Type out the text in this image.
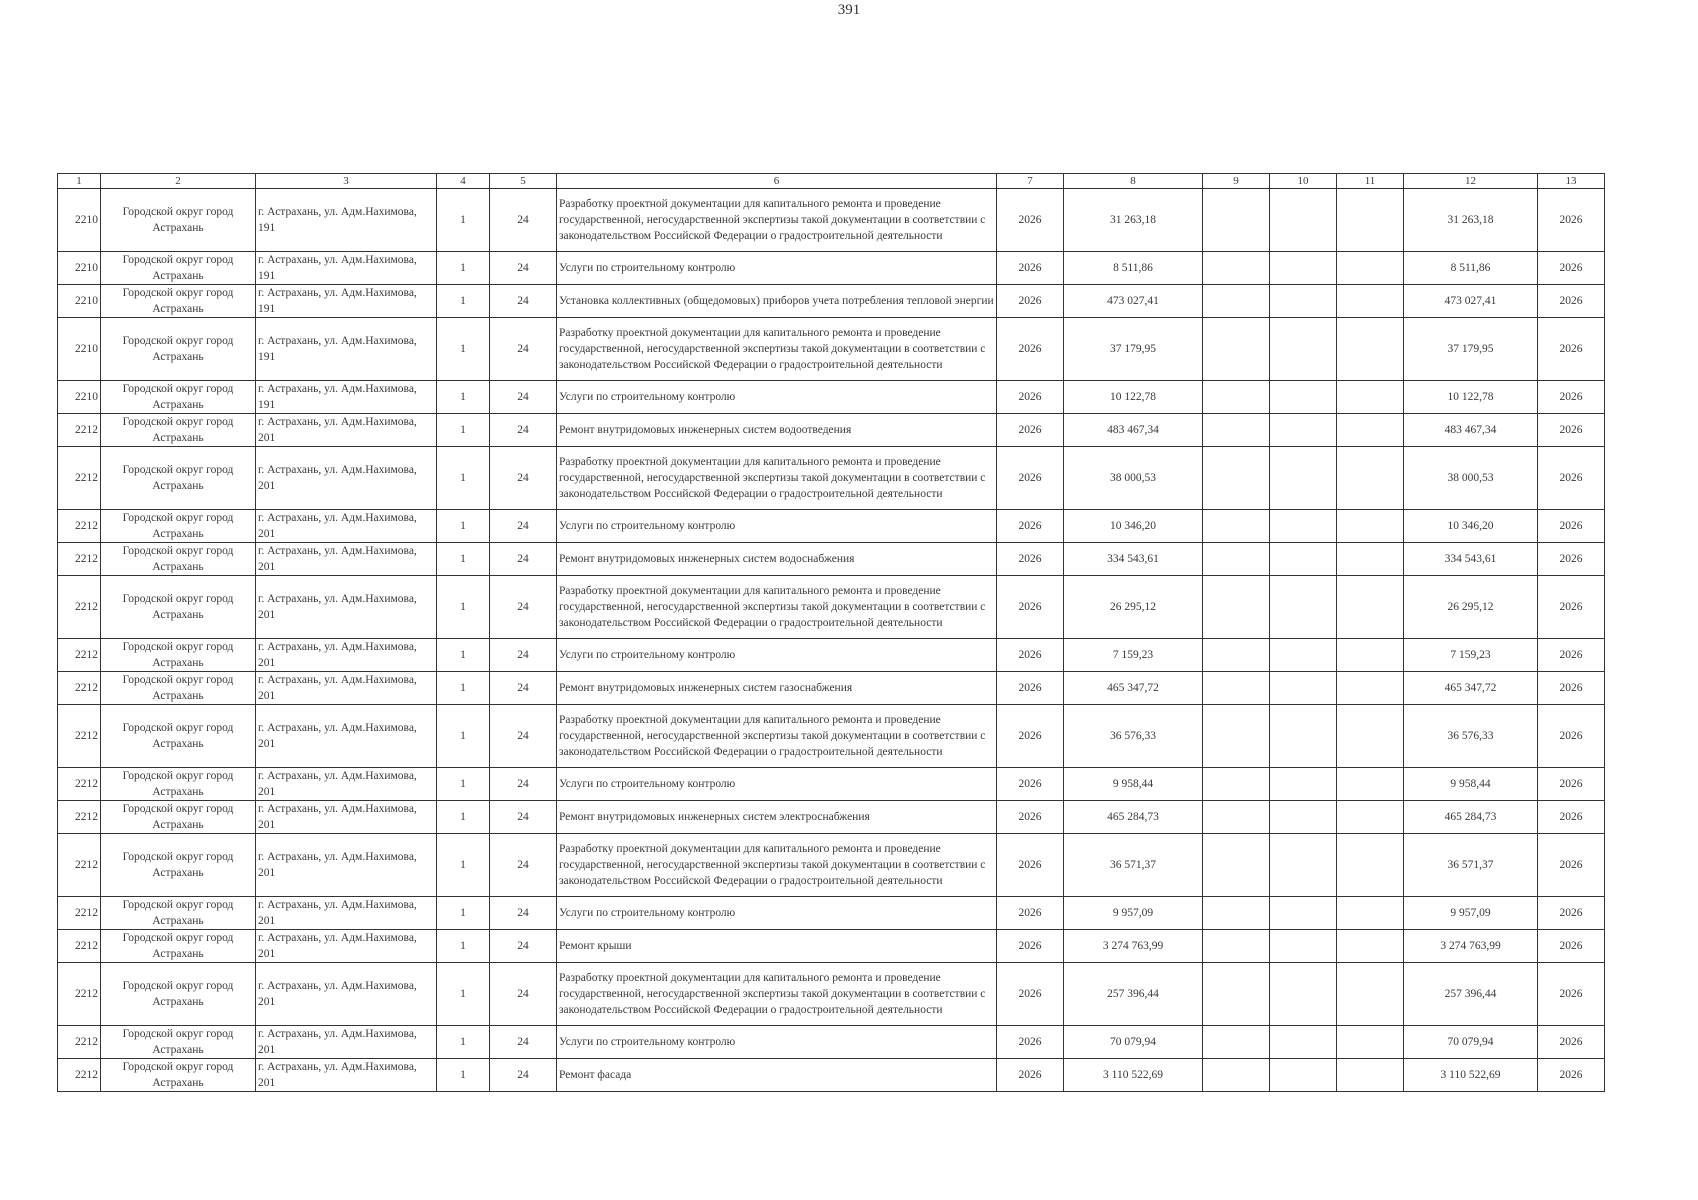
391
1	2	3	4	5	6	7	8	9	10	11	12	13
2210	Городской округ город Астрахань	г. Астрахань, ул. Адм.Нахимова, 191	1	24	Разработку проектной документации для капитального ремонта и проведение государственной, негосударственной экспертизы такой документации в соответствии с законодательством Российской Федерации о градостроительной деятельности	2026	31 263,18				31 263,18	2026
2210	Городской округ город Астрахань	г. Астрахань, ул. Адм.Нахимова, 191	1	24	Услуги по строительному контролю	2026	8 511,86				8 511,86	2026
2210	Городской округ город Астрахань	г. Астрахань, ул. Адм.Нахимова, 191	1	24	Установка коллективных (общедомовых) приборов учета потребления тепловой энергии	2026	473 027,41				473 027,41	2026
2210	Городской округ город Астрахань	г. Астрахань, ул. Адм.Нахимова, 191	1	24	Разработку проектной документации для капитального ремонта и проведение государственной, негосударственной экспертизы такой документации в соответствии с законодательством Российской Федерации о градостроительной деятельности	2026	37 179,95				37 179,95	2026
2210	Городской округ город Астрахань	г. Астрахань, ул. Адм.Нахимова, 191	1	24	Услуги по строительному контролю	2026	10 122,78				10 122,78	2026
2212	Городской округ город Астрахань	г. Астрахань, ул. Адм.Нахимова, 201	1	24	Ремонт внутридомовых инженерных систем водоотведения	2026	483 467,34				483 467,34	2026
2212	Городской округ город Астрахань	г. Астрахань, ул. Адм.Нахимова, 201	1	24	Разработку проектной документации для капитального ремонта и проведение государственной, негосударственной экспертизы такой документации в соответствии с законодательством Российской Федерации о градостроительной деятельности	2026	38 000,53				38 000,53	2026
2212	Городской округ город Астрахань	г. Астрахань, ул. Адм.Нахимова, 201	1	24	Услуги по строительному контролю	2026	10 346,20				10 346,20	2026
2212	Городской округ город Астрахань	г. Астрахань, ул. Адм.Нахимова, 201	1	24	Ремонт внутридомовых инженерных систем водоснабжения	2026	334 543,61				334 543,61	2026
2212	Городской округ город Астрахань	г. Астрахань, ул. Адм.Нахимова, 201	1	24	Разработку проектной документации для капитального ремонта и проведение государственной, негосударственной экспертизы такой документации в соответствии с законодательством Российской Федерации о градостроительной деятельности	2026	26 295,12				26 295,12	2026
2212	Городской округ город Астрахань	г. Астрахань, ул. Адм.Нахимова, 201	1	24	Услуги по строительному контролю	2026	7 159,23				7 159,23	2026
2212	Городской округ город Астрахань	г. Астрахань, ул. Адм.Нахимова, 201	1	24	Ремонт внутридомовых инженерных систем газоснабжения	2026	465 347,72				465 347,72	2026
2212	Городской округ город Астрахань	г. Астрахань, ул. Адм.Нахимова, 201	1	24	Разработку проектной документации для капитального ремонта и проведение государственной, негосударственной экспертизы такой документации в соответствии с законодательством Российской Федерации о градостроительной деятельности	2026	36 576,33				36 576,33	2026
2212	Городской округ город Астрахань	г. Астрахань, ул. Адм.Нахимова, 201	1	24	Услуги по строительному контролю	2026	9 958,44				9 958,44	2026
2212	Городской округ город Астрахань	г. Астрахань, ул. Адм.Нахимова, 201	1	24	Ремонт внутридомовых инженерных систем электроснабжения	2026	465 284,73				465 284,73	2026
2212	Городской округ город Астрахань	г. Астрахань, ул. Адм.Нахимова, 201	1	24	Разработку проектной документации для капитального ремонта и проведение государственной, негосударственной экспертизы такой документации в соответствии с законодательством Российской Федерации о градостроительной деятельности	2026	36 571,37				36 571,37	2026
2212	Городской округ город Астрахань	г. Астрахань, ул. Адм.Нахимова, 201	1	24	Услуги по строительному контролю	2026	9 957,09				9 957,09	2026
2212	Городской округ город Астрахань	г. Астрахань, ул. Адм.Нахимова, 201	1	24	Ремонт крыши	2026	3 274 763,99				3 274 763,99	2026
2212	Городской округ город Астрахань	г. Астрахань, ул. Адм.Нахимова, 201	1	24	Разработку проектной документации для капитального ремонта и проведение государственной, негосударственной экспертизы такой документации в соответствии с законодательством Российской Федерации о градостроительной деятельности	2026	257 396,44				257 396,44	2026
2212	Городской округ город Астрахань	г. Астрахань, ул. Адм.Нахимова, 201	1	24	Услуги по строительному контролю	2026	70 079,94				70 079,94	2026
2212	Городской округ город Астрахань	г. Астрахань, ул. Адм.Нахимова, 201	1	24	Ремонт фасада	2026	3 110 522,69				3 110 522,69	2026
